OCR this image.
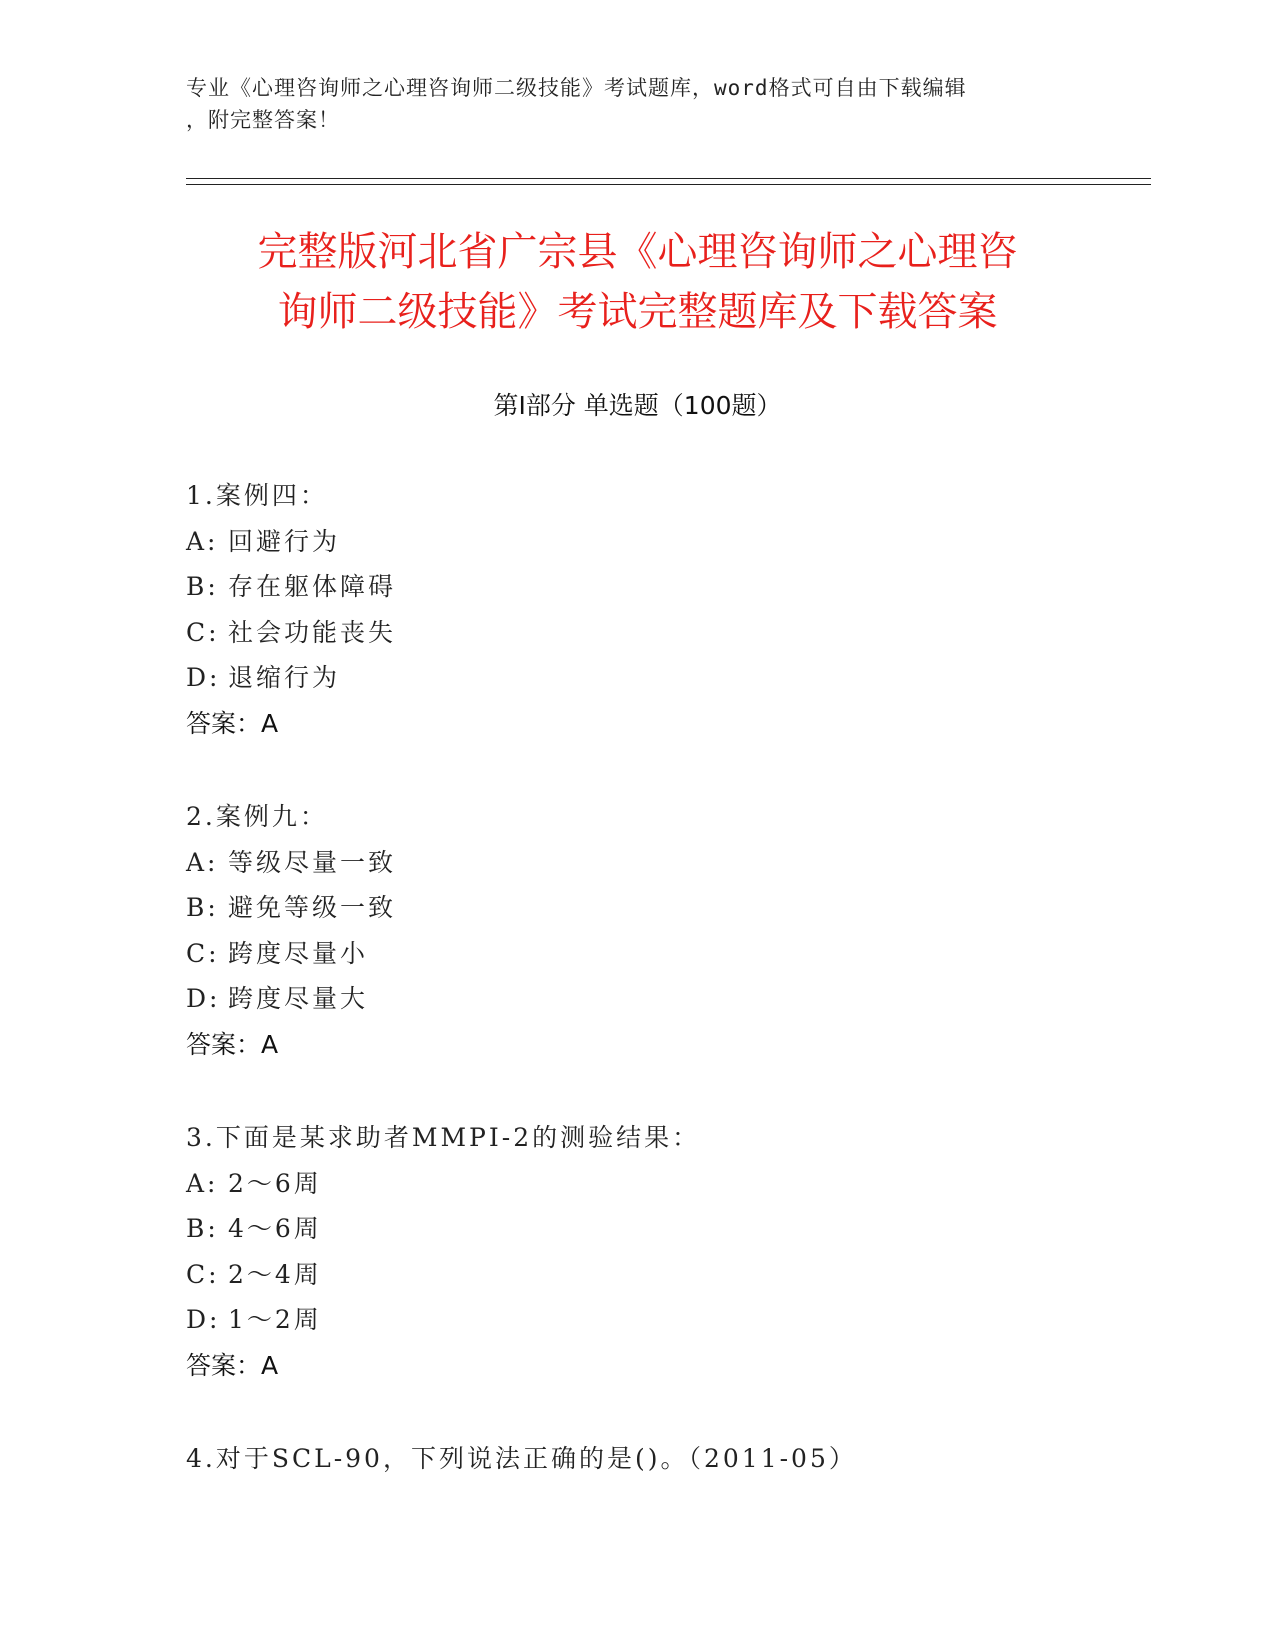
专业《心理咨询师之心理咨询师二级技能》考试题库，word格式可自由下载编辑
，附完整答案！
完整版河北省广宗县《心理咨询师之心理咨
询师二级技能》考试完整题库及下载答案
第Ⅰ部分 单选题（100题）
1.案例四：
A: 回避行为
B: 存在躯体障碍
C: 社会功能丧失
D: 退缩行为
答案：A
2.案例九：
A: 等级尽量一致
B: 避免等级一致
C: 跨度尽量小
D: 跨度尽量大
答案：A
3.下面是某求助者MMPI-2的测验结果：
A: 2～6周
B: 4～6周
C: 2～4周
D: 1～2周
答案：A
4.对于SCL-90，下列说法正确的是()。（2011-05）
